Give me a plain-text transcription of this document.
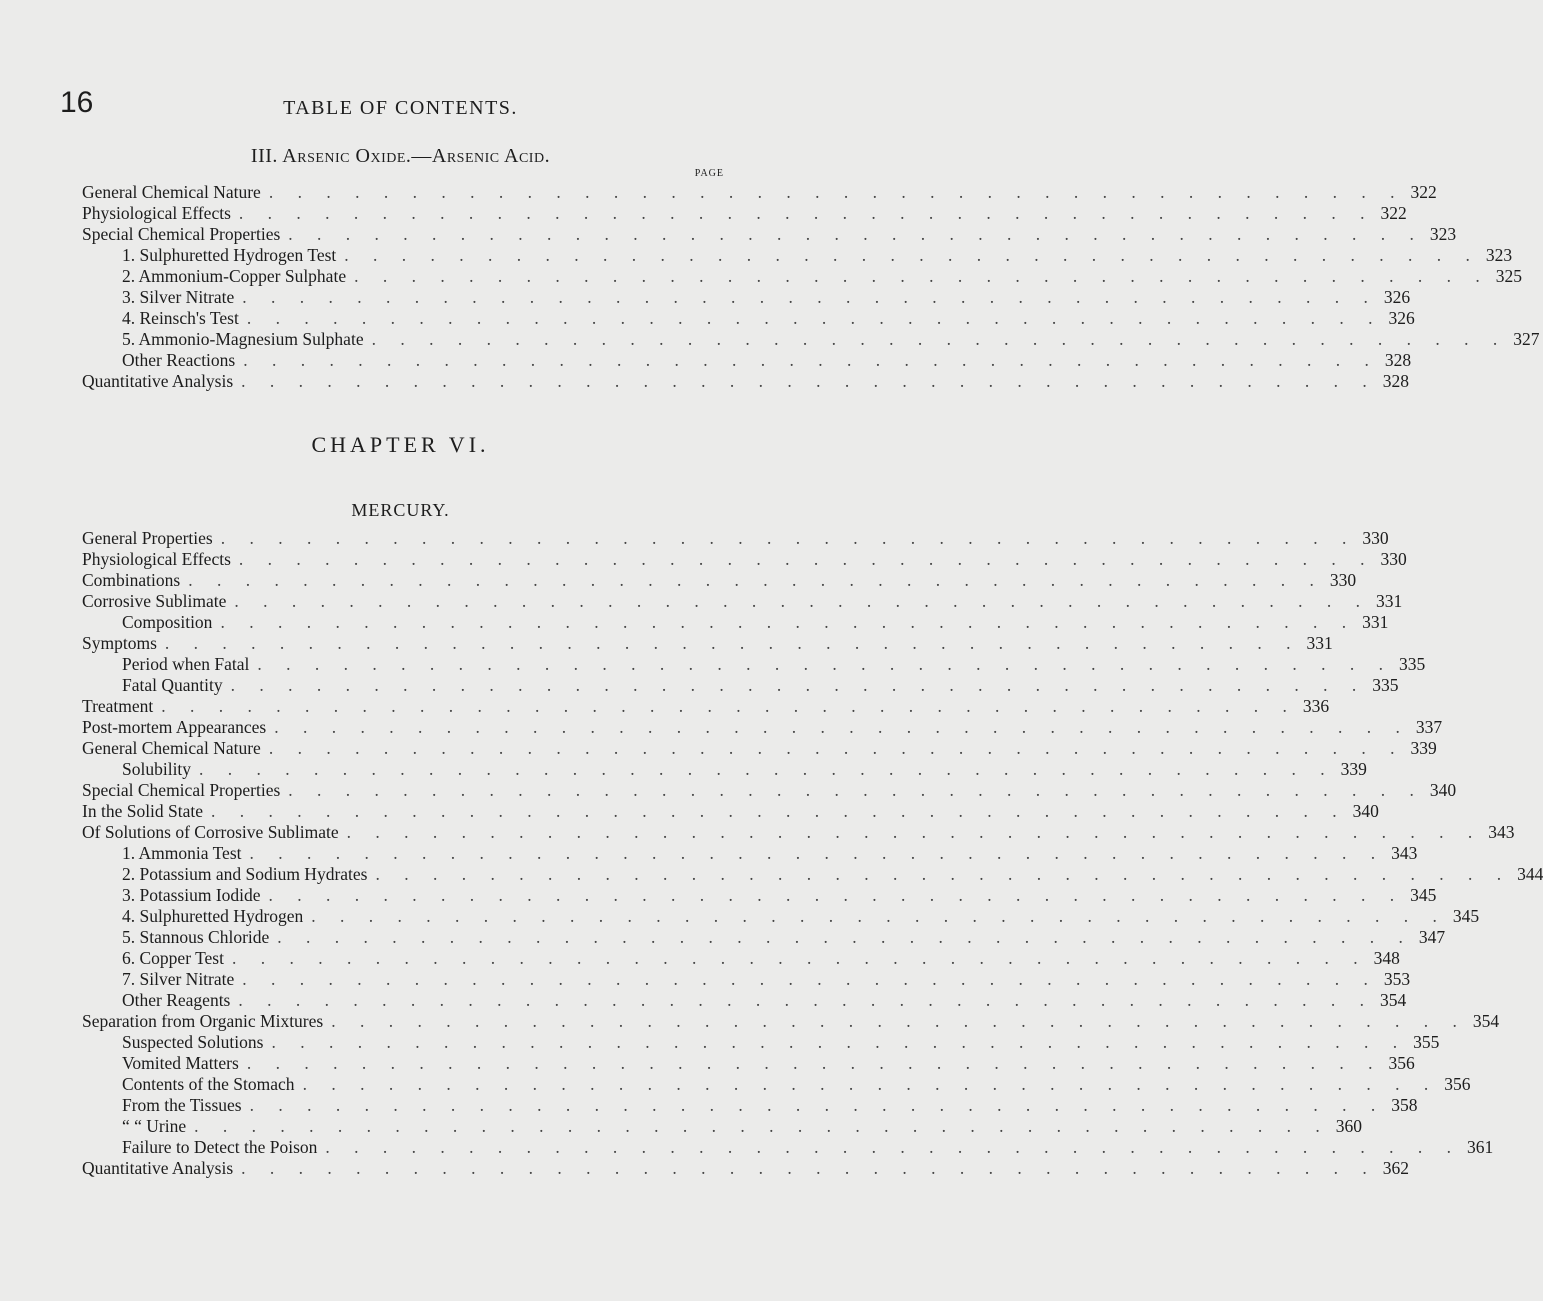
16	TABLE OF CONTENTS.
III. Arsenic Oxide.—Arsenic Acid.
PAGE
General Chemical Nature . . . . . . . . . . . . . . . . . . . . . . . . . . . . . . . . . . . . . . . . 322
Physiological Effects . . . . . . . . . . . . . . . . . . . . . . . . . . . . . . . . . . . . . . . . 322
Special Chemical Properties . . . . . . . . . . . . . . . . . . . . . . . . . . . . . . . . . . . . . . . . 323
1. Sulphuretted Hydrogen Test . . . . . . . . . . . . . . . . . . . . . . . . . . . . . . . . . . . . . . . . 323
2. Ammonium-Copper Sulphate . . . . . . . . . . . . . . . . . . . . . . . . . . . . . . . . . . . . . . . . 325
3. Silver Nitrate . . . . . . . . . . . . . . . . . . . . . . . . . . . . . . . . . . . . . . . . 326
4. Reinsch's Test . . . . . . . . . . . . . . . . . . . . . . . . . . . . . . . . . . . . . . . . 326
5. Ammonio-Magnesium Sulphate . . . . . . . . . . . . . . . . . . . . . . . . . . . . . . . . . . . . . . . . 327
Other Reactions . . . . . . . . . . . . . . . . . . . . . . . . . . . . . . . . . . . . . . . . 328
Quantitative Analysis . . . . . . . . . . . . . . . . . . . . . . . . . . . . . . . . . . . . . . . . 328
CHAPTER VI.
MERCURY.
General Properties . . . . . . . . . . . . . . . . . . . . . . . . . . . . . . . . . . . . . . . . 330
Physiological Effects . . . . . . . . . . . . . . . . . . . . . . . . . . . . . . . . . . . . . . . . 330
Combinations . . . . . . . . . . . . . . . . . . . . . . . . . . . . . . . . . . . . . . . . 330
Corrosive Sublimate . . . . . . . . . . . . . . . . . . . . . . . . . . . . . . . . . . . . . . . . 331
Composition . . . . . . . . . . . . . . . . . . . . . . . . . . . . . . . . . . . . . . . . 331
Symptoms . . . . . . . . . . . . . . . . . . . . . . . . . . . . . . . . . . . . . . . . 331
Period when Fatal . . . . . . . . . . . . . . . . . . . . . . . . . . . . . . . . . . . . . . . . 335
Fatal Quantity . . . . . . . . . . . . . . . . . . . . . . . . . . . . . . . . . . . . . . . . 335
Treatment . . . . . . . . . . . . . . . . . . . . . . . . . . . . . . . . . . . . . . . . 336
Post-mortem Appearances . . . . . . . . . . . . . . . . . . . . . . . . . . . . . . . . . . . . . . . . 337
General Chemical Nature . . . . . . . . . . . . . . . . . . . . . . . . . . . . . . . . . . . . . . . . 339
Solubility . . . . . . . . . . . . . . . . . . . . . . . . . . . . . . . . . . . . . . . . 339
Special Chemical Properties . . . . . . . . . . . . . . . . . . . . . . . . . . . . . . . . . . . . . . . . 340
In the Solid State . . . . . . . . . . . . . . . . . . . . . . . . . . . . . . . . . . . . . . . . 340
Of Solutions of Corrosive Sublimate . . . . . . . . . . . . . . . . . . . . . . . . . . . . . . . . . . . . . . . . 343
1. Ammonia Test . . . . . . . . . . . . . . . . . . . . . . . . . . . . . . . . . . . . . . . . 343
2. Potassium and Sodium Hydrates . . . . . . . . . . . . . . . . . . . . . . . . . . . . . . . . . . . . . . . . 344
3. Potassium Iodide . . . . . . . . . . . . . . . . . . . . . . . . . . . . . . . . . . . . . . . . 345
4. Sulphuretted Hydrogen . . . . . . . . . . . . . . . . . . . . . . . . . . . . . . . . . . . . . . . . 345
5. Stannous Chloride . . . . . . . . . . . . . . . . . . . . . . . . . . . . . . . . . . . . . . . . 347
6. Copper Test . . . . . . . . . . . . . . . . . . . . . . . . . . . . . . . . . . . . . . . . 348
7. Silver Nitrate . . . . . . . . . . . . . . . . . . . . . . . . . . . . . . . . . . . . . . . . 353
Other Reagents . . . . . . . . . . . . . . . . . . . . . . . . . . . . . . . . . . . . . . . . 354
Separation from Organic Mixtures . . . . . . . . . . . . . . . . . . . . . . . . . . . . . . . . . . . . . . . . 354
Suspected Solutions . . . . . . . . . . . . . . . . . . . . . . . . . . . . . . . . . . . . . . . . 355
Vomited Matters . . . . . . . . . . . . . . . . . . . . . . . . . . . . . . . . . . . . . . . . 356
Contents of the Stomach . . . . . . . . . . . . . . . . . . . . . . . . . . . . . . . . . . . . . . . . 356
From the Tissues . . . . . . . . . . . . . . . . . . . . . . . . . . . . . . . . . . . . . . . . 358
“ “ Urine . . . . . . . . . . . . . . . . . . . . . . . . . . . . . . . . . . . . . . . . 360
Failure to Detect the Poison . . . . . . . . . . . . . . . . . . . . . . . . . . . . . . . . . . . . . . . . 361
Quantitative Analysis . . . . . . . . . . . . . . . . . . . . . . . . . . . . . . . . . . . . . . . . 362
